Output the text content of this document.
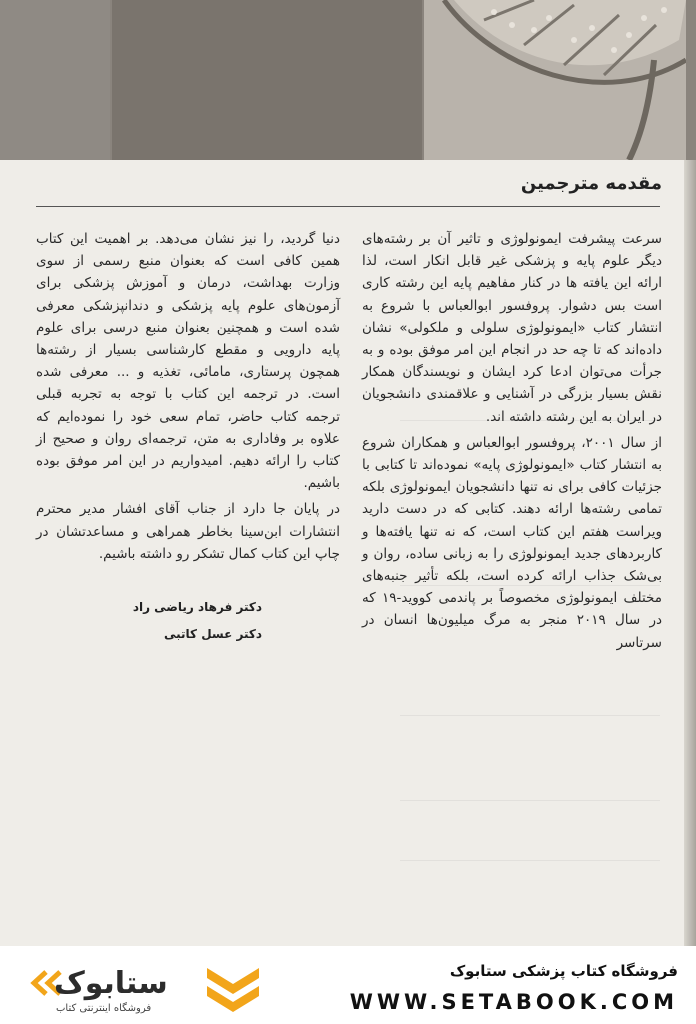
مقدمه مترجمین

سرعت پیشرفت ایمونولوژی و تاثیر آن بر رشته‌های دیگر علوم پایه و پزشکی غیر قابل انکار است، لذا ارائه این یافته ها در کنار مفاهیم پایه این رشته کاری است بس دشوار. پروفسور ابوالعباس با شروع به انتشار کتاب «ایمونولوژی سلولی و ملکولی» نشان داده‌اند که تا چه حد در انجام این امر موفق بوده و به جرأت می‌توان ادعا کرد ایشان و نویسندگان همکار نقش بسیار بزرگی در آشنایی و علاقمندی دانشجویان در ایران به این رشته داشته اند.

از سال ۲۰۰۱، پروفسور ابوالعباس و همکاران شروع به انتشار کتاب «ایمونولوژی پایه» نموده‌اند تا کتابی با جزئیات کافی برای نه تنها دانشجویان ایمونولوژی بلکه تمامی رشته‌ها ارائه دهند. کتابی که در دست دارید ویراست هفتم این کتاب است، که نه تنها یافته‌ها و کاربردهای جدید ایمونولوژی را به زبانی ساده، روان و بی‌شک جذاب ارائه کرده است، بلکه تأثیر جنبه‌های مختلف ایمونولوژی مخصوصاً بر پاندمی کووید-۱۹ که در سال ۲۰۱۹ منجر به مرگ میلیون‌ها انسان در سرتاسر

دنیا گردید، را نیز نشان می‌دهد. بر اهمیت این کتاب همین کافی است که بعنوان منبع رسمی از سوی وزارت بهداشت، درمان و آموزش پزشکی برای آزمون‌های علوم پایه پزشکی و دندانپزشکی معرفی شده است و همچنین بعنوان منبع درسی برای علوم پایه دارویی و مقطع کارشناسی بسیار از رشته‌ها همچون پرستاری، مامائی، تغذیه و ... معرفی شده است. در ترجمه این کتاب با توجه به تجربه قبلی ترجمه کتاب حاضر، تمام سعی خود را نموده‌ایم که علاوه بر وفاداری به متن، ترجمه‌ای روان و صحیح از کتاب را ارائه دهیم. امیدواریم در این امر موفق بوده باشیم.

در پایان جا دارد از جناب آقای افشار مدیر محترم انتشارات ابن‌سینا بخاطر همراهی و مساعدتشان در چاپ این کتاب کمال تشکر رو داشته باشیم.

دکتر فرهاد ریاضی راد
دکتر عسل کاتبی
ستابوک
فروشگاه اینترنتی کتاب
فروشگاه کتاب پزشکی ستابوک
WWW.SETABOOK.COM
